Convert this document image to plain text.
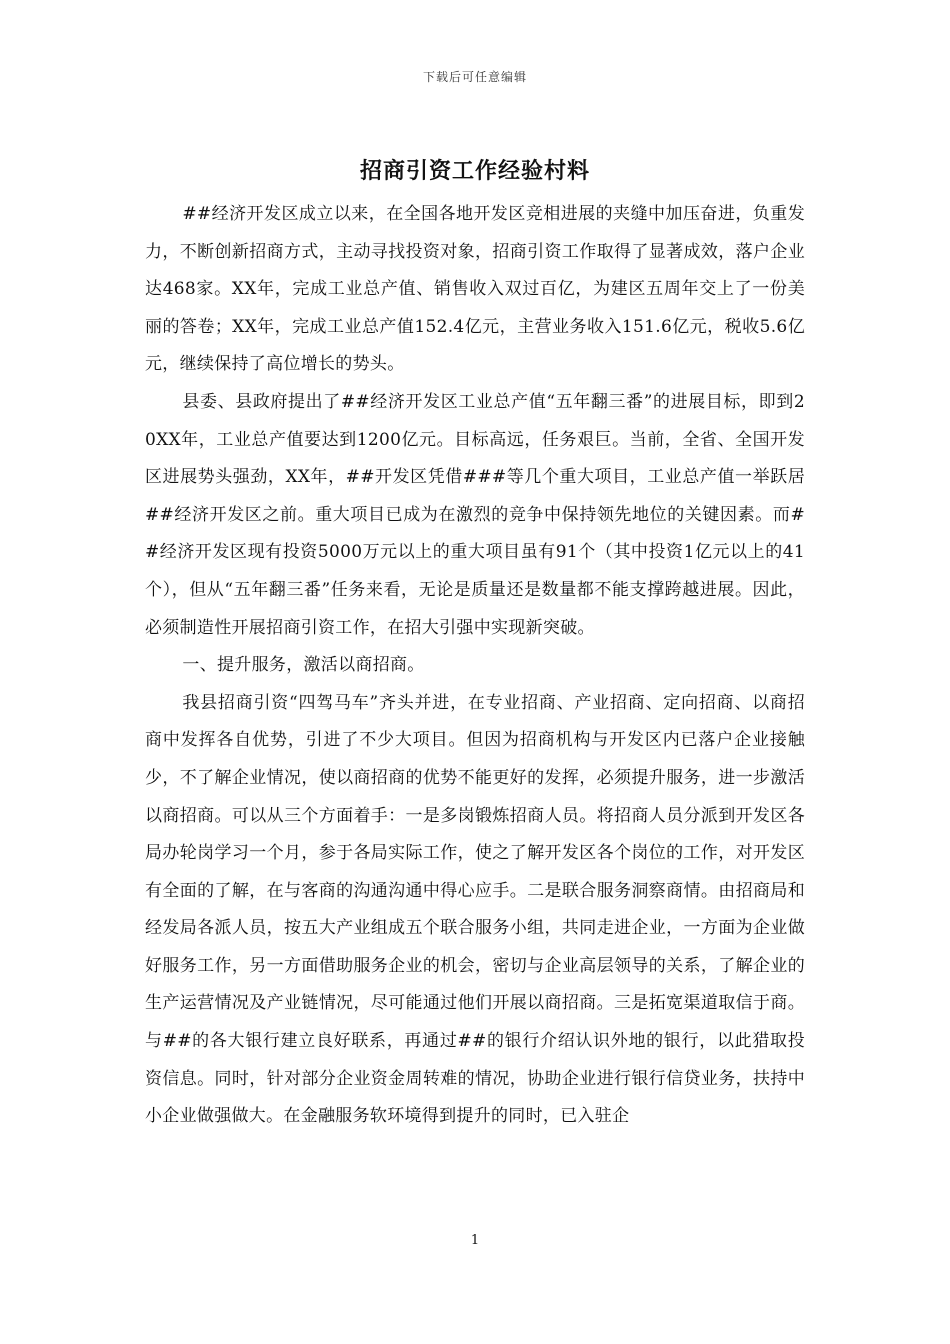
下载后可任意编辑
招商引资工作经验村料

##经济开发区成立以来，在全国各地开发区竞相进展的夹缝中加压奋进，负重发力，不断创新招商方式，主动寻找投资对象，招商引资工作取得了显著成效，落户企业达468家。XX年，完成工业总产值、销售收入双过百亿，为建区五周年交上了一份美丽的答卷；XX年，完成工业总产值152.4亿元，主营业务收入151.6亿元，税收5.6亿元，继续保持了高位增长的势头。

县委、县政府提出了##经济开发区工业总产值“五年翻三番”的进展目标，即到20XX年，工业总产值要达到1200亿元。目标高远，任务艰巨。当前，全省、全国开发区进展势头强劲，XX年，##开发区凭借###等几个重大项目，工业总产值一举跃居##经济开发区之前。重大项目已成为在激烈的竞争中保持领先地位的关键因素。而##经济开发区现有投资5000万元以上的重大项目虽有91个（其中投资1亿元以上的41个），但从“五年翻三番”任务来看，无论是质量还是数量都不能支撑跨越进展。因此，必须制造性开展招商引资工作，在招大引强中实现新突破。

一、提升服务，激活以商招商。

我县招商引资“四驾马车”齐头并进，在专业招商、产业招商、定向招商、以商招商中发挥各自优势，引进了不少大项目。但因为招商机构与开发区内已落户企业接触少，不了解企业情况，使以商招商的优势不能更好的发挥，必须提升服务，进一步激活以商招商。可以从三个方面着手：一是多岗锻炼招商人员。将招商人员分派到开发区各局办轮岗学习一个月，参于各局实际工作，使之了解开发区各个岗位的工作，对开发区有全面的了解，在与客商的沟通沟通中得心应手。二是联合服务洞察商情。由招商局和经发局各派人员，按五大产业组成五个联合服务小组，共同走进企业，一方面为企业做好服务工作，另一方面借助服务企业的机会，密切与企业高层领导的关系，了解企业的生产运营情况及产业链情况，尽可能通过他们开展以商招商。三是拓宽渠道取信于商。与##的各大银行建立良好联系，再通过##的银行介绍认识外地的银行，以此猎取投资信息。同时，针对部分企业资金周转难的情况，协助企业进行银行信贷业务，扶持中小企业做强做大。在金融服务软环境得到提升的同时，已入驻企

1
